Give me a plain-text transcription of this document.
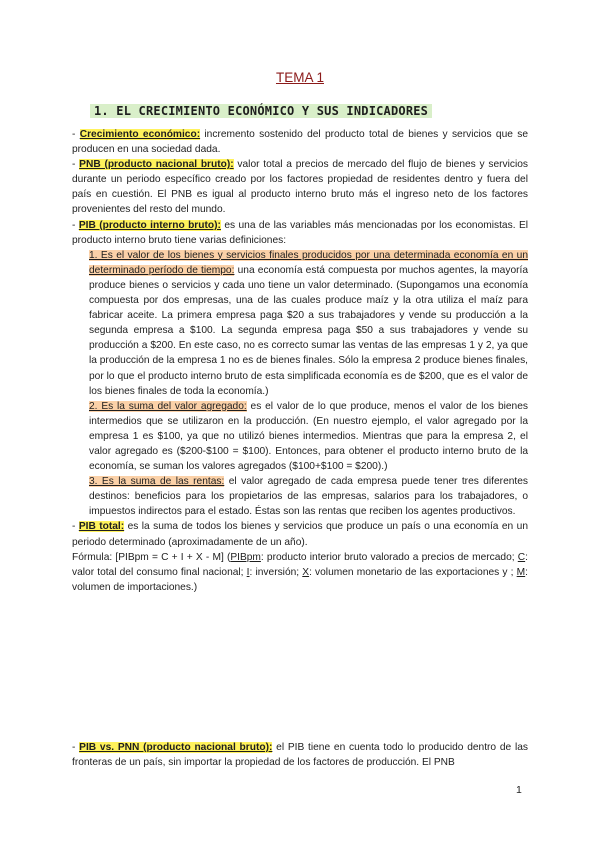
TEMA 1
1. EL CRECIMIENTO ECONÓMICO Y SUS INDICADORES

- Crecimiento económico: incremento sostenido del producto total de bienes y servicios que se producen en una sociedad dada.

- PNB (producto nacional bruto): valor total a precios de mercado del flujo de bienes y servicios durante un periodo específico creado por los factores propiedad de residentes dentro y fuera del país en cuestión. El PNB es igual al producto interno bruto más el ingreso neto de los factores provenientes del resto del mundo.

- PIB (producto interno bruto): es una de las variables más mencionadas por los economistas. El producto interno bruto tiene varias definiciones:

1. Es el valor de los bienes y servicios finales producidos por una determinada economía en un determinado período de tiempo: una economía está compuesta por muchos agentes, la mayoría produce bienes o servicios y cada uno tiene un valor determinado. (Supongamos una economía compuesta por dos empresas, una de las cuales produce maíz y la otra utiliza el maíz para fabricar aceite. La primera empresa paga $20 a sus trabajadores y vende su producción a la segunda empresa a $100. La segunda empresa paga $50 a sus trabajadores y vende su producción a $200. En este caso, no es correcto sumar las ventas de las empresas 1 y 2, ya que la producción de la empresa 1 no es de bienes finales. Sólo la empresa 2 produce bienes finales, por lo que el producto interno bruto de esta simplificada economía es de $200, que es el valor de los bienes finales de toda la economía.)

2. Es la suma del valor agregado: es el valor de lo que produce, menos el valor de los bienes intermedios que se utilizaron en la producción. (En nuestro ejemplo, el valor agregado por la empresa 1 es $100, ya que no utilizó bienes intermedios. Mientras que para la empresa 2, el valor agregado es ($200-$100 = $100). Entonces, para obtener el producto interno bruto de la economía, se suman los valores agregados ($100+$100 = $200).)

3. Es la suma de las rentas: el valor agregado de cada empresa puede tener tres diferentes destinos: beneficios para los propietarios de las empresas, salarios para los trabajadores, o impuestos indirectos para el estado. Éstas son las rentas que reciben los agentes productivos.

- PIB total: es la suma de todos los bienes y servicios que produce un país o una economía en un periodo determinado (aproximadamente de un año).

Fórmula: [PIBpm = C + I + X - M] (PIBpm: producto interior bruto valorado a precios de mercado; C: valor total del consumo final nacional; I: inversión; X: volumen monetario de las exportaciones y ; M: volumen de importaciones.)

- PIB vs. PNN (producto nacional bruto): el PIB tiene en cuenta todo lo producido dentro de las fronteras de un país, sin importar la propiedad de los factores de producción. El PNB

1
